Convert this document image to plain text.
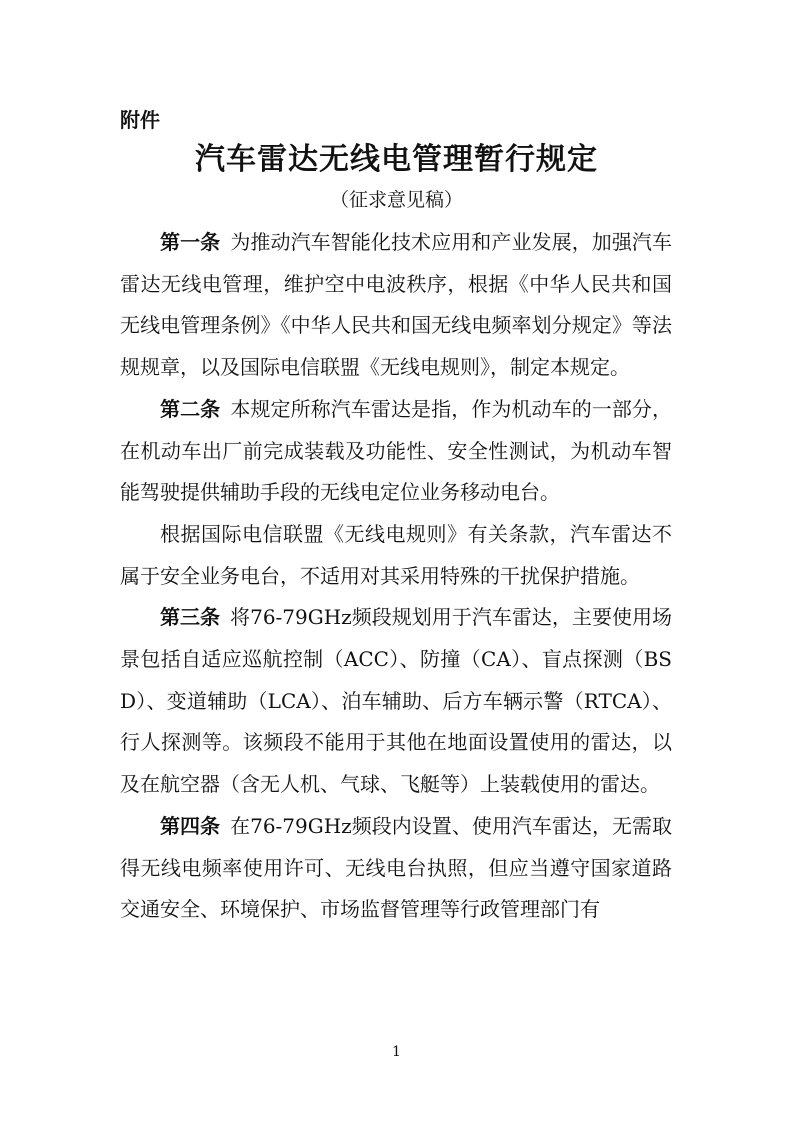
附件
汽车雷达无线电管理暂行规定
（征求意见稿）

第一条  为推动汽车智能化技术应用和产业发展，加强汽车雷达无线电管理，维护空中电波秩序，根据《中华人民共和国无线电管理条例》《中华人民共和国无线电频率划分规定》等法规规章，以及国际电信联盟《无线电规则》，制定本规定。

第二条  本规定所称汽车雷达是指，作为机动车的一部分，在机动车出厂前完成装载及功能性、安全性测试，为机动车智能驾驶提供辅助手段的无线电定位业务移动电台。

根据国际电信联盟《无线电规则》有关条款，汽车雷达不属于安全业务电台，不适用对其采用特殊的干扰保护措施。

第三条  将76-79GHz频段规划用于汽车雷达，主要使用场景包括自适应巡航控制（ACC）、防撞（CA）、盲点探测（BSD）、变道辅助（LCA）、泊车辅助、后方车辆示警（RTCA）、行人探测等。该频段不能用于其他在地面设置使用的雷达，以及在航空器（含无人机、气球、飞艇等）上装载使用的雷达。

第四条  在76-79GHz频段内设置、使用汽车雷达，无需取得无线电频率使用许可、无线电台执照，但应当遵守国家道路交通安全、环境保护、市场监督管理等行政管理部门有

1
